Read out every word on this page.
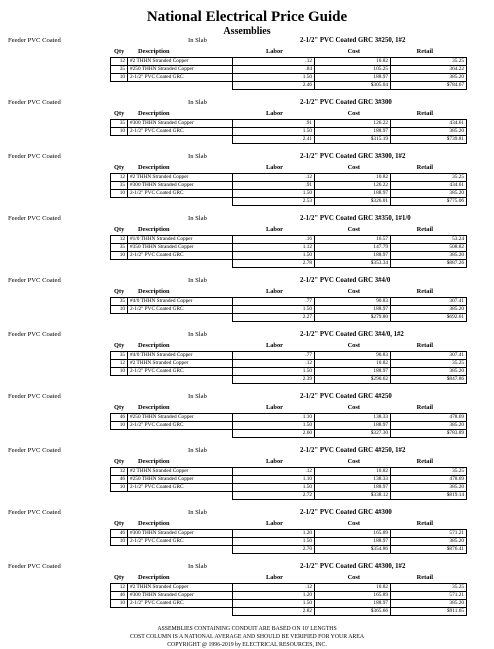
National Electrical Price Guide
Assemblies
Feeder PVC Coated	In Slab	2-1/2" PVC Coated GRC 3#250, 1#2
Qty Description	Labor	Cost	Retail
12	#2 THHN Stranded Copper	.12	10.82	35.25
35	#250 THHN Stranded Copper	.84	105.25	364.22
10	2-1/2" PVC Coated GRC	1.50	188.97	385.20
		2.46	$305.04	$784.67
Feeder PVC Coated	In Slab	2-1/2" PVC Coated GRC 3#300
Qty Description	Labor	Cost	Retail
35	#300 THHN Stranded Copper	.91	126.22	434.61
10	2-1/2" PVC Coated GRC	1.50	188.97	385.20
		2.41	$315.19	$739.81
Feeder PVC Coated	In Slab	2-1/2" PVC Coated GRC 3#300, 1#2
Qty Description	Labor	Cost	Retail
12	#2 THHN Stranded Copper	.12	10.82	35.25
35	#300 THHN Stranded Copper	.91	126.22	434.61
10	2-1/2" PVC Coated GRC	1.50	188.97	385.20
		2.53	$326.01	$775.06
Feeder PVC Coated	In Slab	2-1/2" PVC Coated GRC 3#350, 1#1/0
Qty Description	Labor	Cost	Retail
12	#1/0 THHN Stranded Copper	.16	16.57	53.24
35	#350 THHN Stranded Copper	1.12	147.79	508.82
10	2-1/2" PVC Coated GRC	1.50	188.97	385.20
		2.78	$353.34	$887.26
Feeder PVC Coated	In Slab	2-1/2" PVC Coated GRC 3#4/0
Qty Description	Labor	Cost	Retail
35	#4/0 THHN Stranded Copper	.77	90.83	307.41
10	2-1/2" PVC Coated GRC	1.50	188.97	385.20
		2.27	$279.80	$692.61
Feeder PVC Coated	In Slab	2-1/2" PVC Coated GRC 3#4/0, 1#2
Qty Description	Labor	Cost	Retail
35	#4/0 THHN Stranded Copper	.77	90.83	307.41
12	#2 THHN Stranded Copper	.12	10.82	35.25
10	2-1/2" PVC Coated GRC	1.50	188.97	385.20
		2.39	$290.62	$847.86
Feeder PVC Coated	In Slab	2-1/2" PVC Coated GRC 4#250
Qty Description	Labor	Cost	Retail
46	#250 THHN Stranded Copper	1.10	138.33	478.69
10	2-1/2" PVC Coated GRC	1.50	188.97	385.20
		2.60	$327.30	$783.89
Feeder PVC Coated	In Slab	2-1/2" PVC Coated GRC 4#250, 1#2
Qty Description	Labor	Cost	Retail
12	#2 THHN Stranded Copper	.12	10.82	35.25
46	#250 THHN Stranded Copper	1.10	138.33	478.69
10	2-1/2" PVC Coated GRC	1.50	188.97	385.20
		2.72	$338.12	$819.14
Feeder PVC Coated	In Slab	2-1/2" PVC Coated GRC 4#300
Qty Description	Labor	Cost	Retail
46	#300 THHN Stranded Copper	1.20	165.89	571.21
10	2-1/2" PVC Coated GRC	1.50	188.97	385.20
		2.70	$354.86	$876.41
Feeder PVC Coated	In Slab	2-1/2" PVC Coated GRC 4#300, 1#2
Qty Description	Labor	Cost	Retail
12	#2 THHN Stranded Copper	.12	10.82	35.25
46	#300 THHN Stranded Copper	1.20	165.89	571.21
10	2-1/2" PVC Coated GRC	1.50	188.97	385.20
		2.82	$365.66	$911.65
ASSEMBLIES CONTAINING CONDUIT ARE BASED ON 10' LENGTHS
COST COLUMN IS A NATIONAL AVERAGE AND SHOULD BE VERIFIED FOR YOUR AREA
COPYRIGHT @ 1996-2019 by ELECTRICAL RESOURCES, INC.
